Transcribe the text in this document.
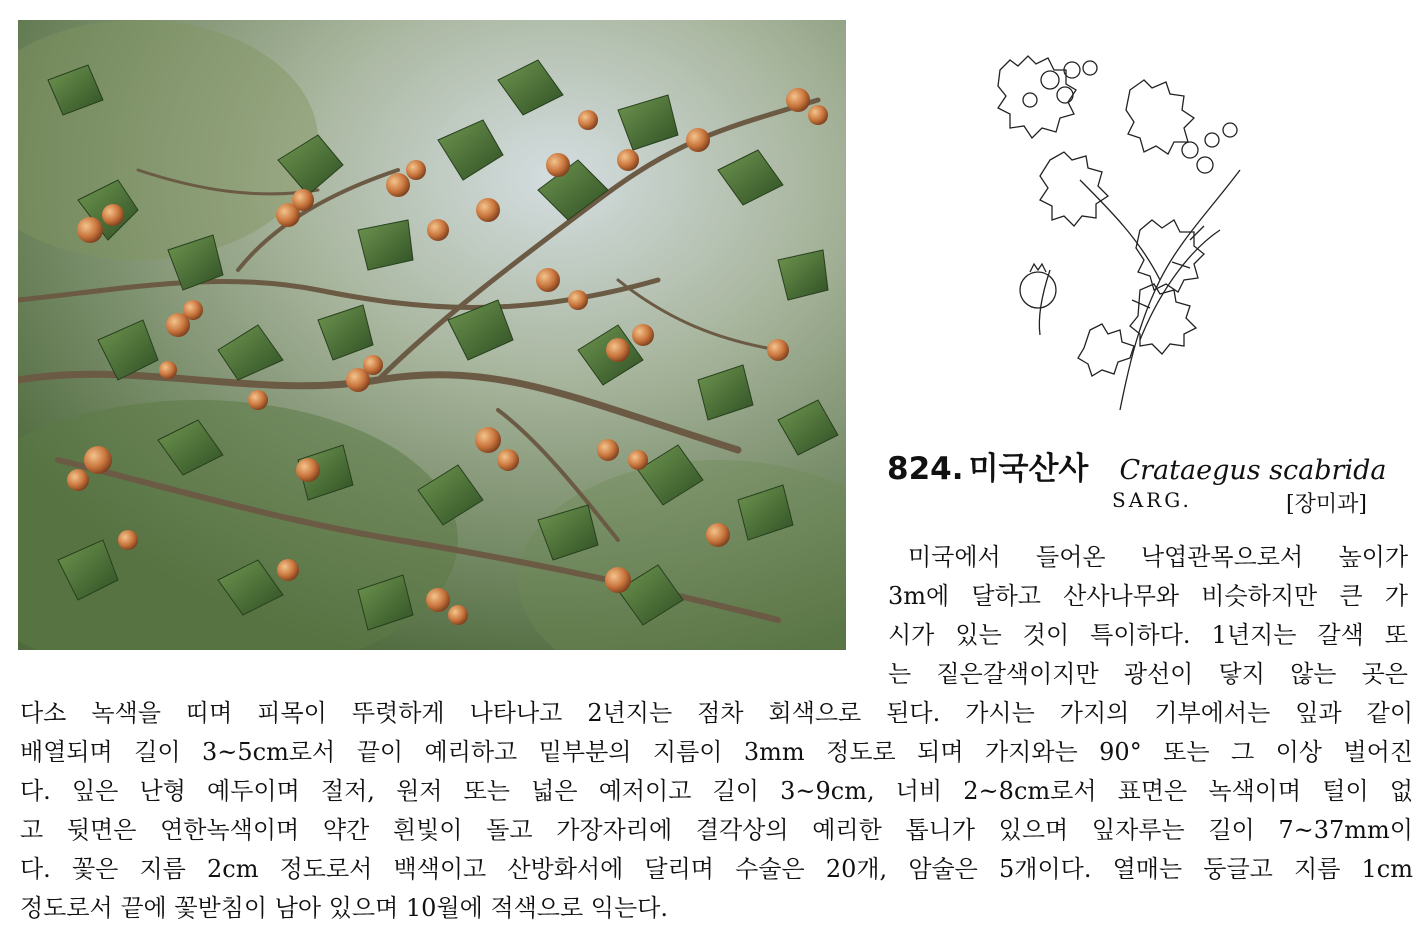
824. 미국산사 Crataegus scabrida
SARG.	[장미과]
미국에서 들어온 낙엽관목으로서 높이가
3m에 달하고 산사나무와 비슷하지만 큰 가
시가 있는 것이 특이하다. 1년지는 갈색 또
는 짙은갈색이지만 광선이 닿지 않는 곳은
다소 녹색을 띠며 피목이 뚜렷하게 나타나고 2년지는 점차 회색으로 된다. 가시는 가지의 기부에서는 잎과 같이
배열되며 길이 3~5cm로서 끝이 예리하고 밑부분의 지름이 3mm 정도로 되며 가지와는 90° 또는 그 이상 벌어진
다. 잎은 난형 예두이며 절저, 원저 또는 넓은 예저이고 길이 3~9cm, 너비 2~8cm로서 표면은 녹색이며 털이 없
고 뒷면은 연한녹색이며 약간 흰빛이 돌고 가장자리에 결각상의 예리한 톱니가 있으며 잎자루는 길이 7~37mm이
다. 꽃은 지름 2cm 정도로서 백색이고 산방화서에 달리며 수술은 20개, 암술은 5개이다. 열매는 둥글고 지름 1cm
정도로서 끝에 꽃받침이 남아 있으며 10월에 적색으로 익는다.
